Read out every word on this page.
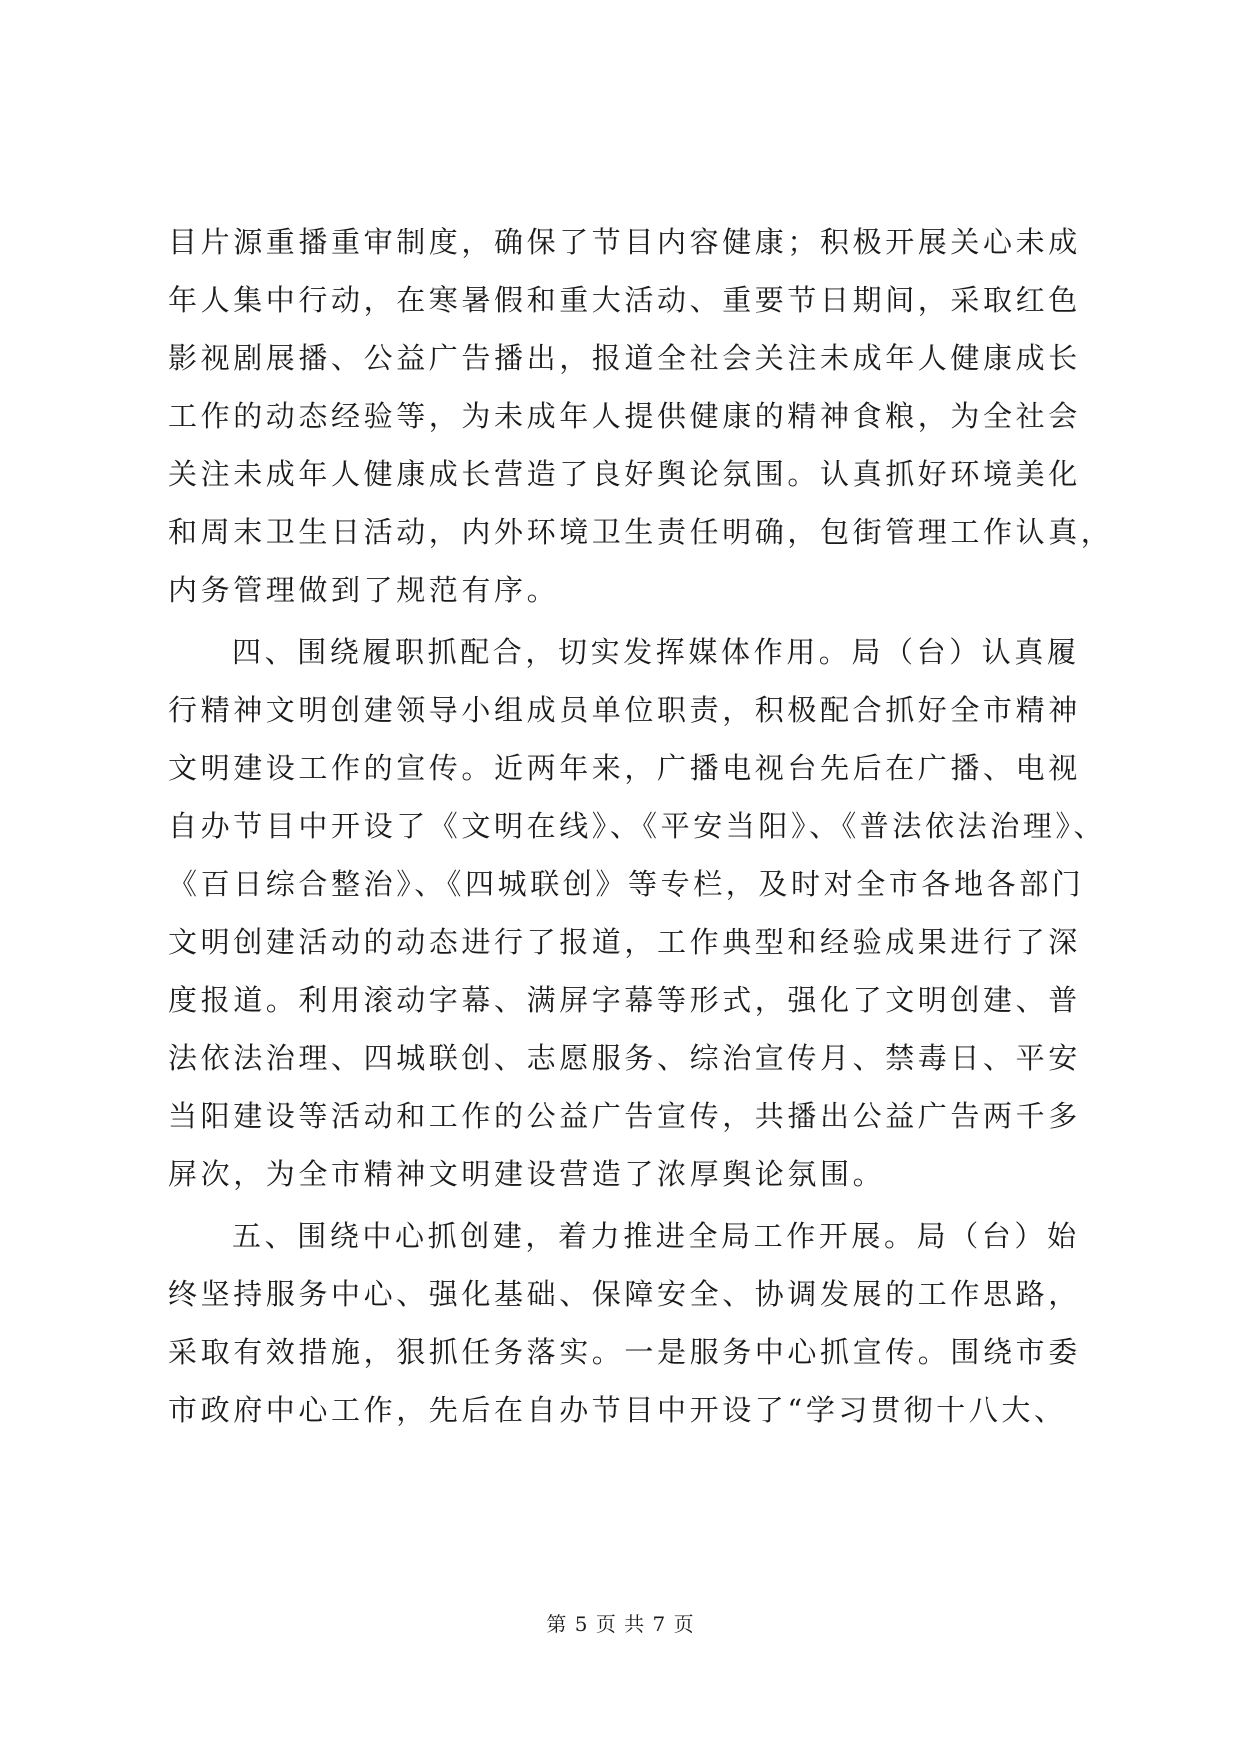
目片源重播重审制度，确保了节目内容健康；积极开展关心未成
年人集中行动，在寒暑假和重大活动、重要节日期间，采取红色
影视剧展播、公益广告播出，报道全社会关注未成年人健康成长
工作的动态经验等，为未成年人提供健康的精神食粮，为全社会
关注未成年人健康成长营造了良好舆论氛围。认真抓好环境美化
和周末卫生日活动，内外环境卫生责任明确，包街管理工作认真，
内务管理做到了规范有序。
四、围绕履职抓配合，切实发挥媒体作用。局（台）认真履
行精神文明创建领导小组成员单位职责，积极配合抓好全市精神
文明建设工作的宣传。近两年来，广播电视台先后在广播、电视
自办节目中开设了《文明在线》、《平安当阳》、《普法依法治理》、
《百日综合整治》、《四城联创》等专栏，及时对全市各地各部门
文明创建活动的动态进行了报道，工作典型和经验成果进行了深
度报道。利用滚动字幕、满屏字幕等形式，强化了文明创建、普
法依法治理、四城联创、志愿服务、综治宣传月、禁毒日、平安
当阳建设等活动和工作的公益广告宣传，共播出公益广告两千多
屏次，为全市精神文明建设营造了浓厚舆论氛围。
五、围绕中心抓创建，着力推进全局工作开展。局（台）始
终坚持服务中心、强化基础、保障安全、协调发展的工作思路，
采取有效措施，狠抓任务落实。一是服务中心抓宣传。围绕市委
市政府中心工作，先后在自办节目中开设了“学习贯彻十八大、
第 5 页 共 7 页
